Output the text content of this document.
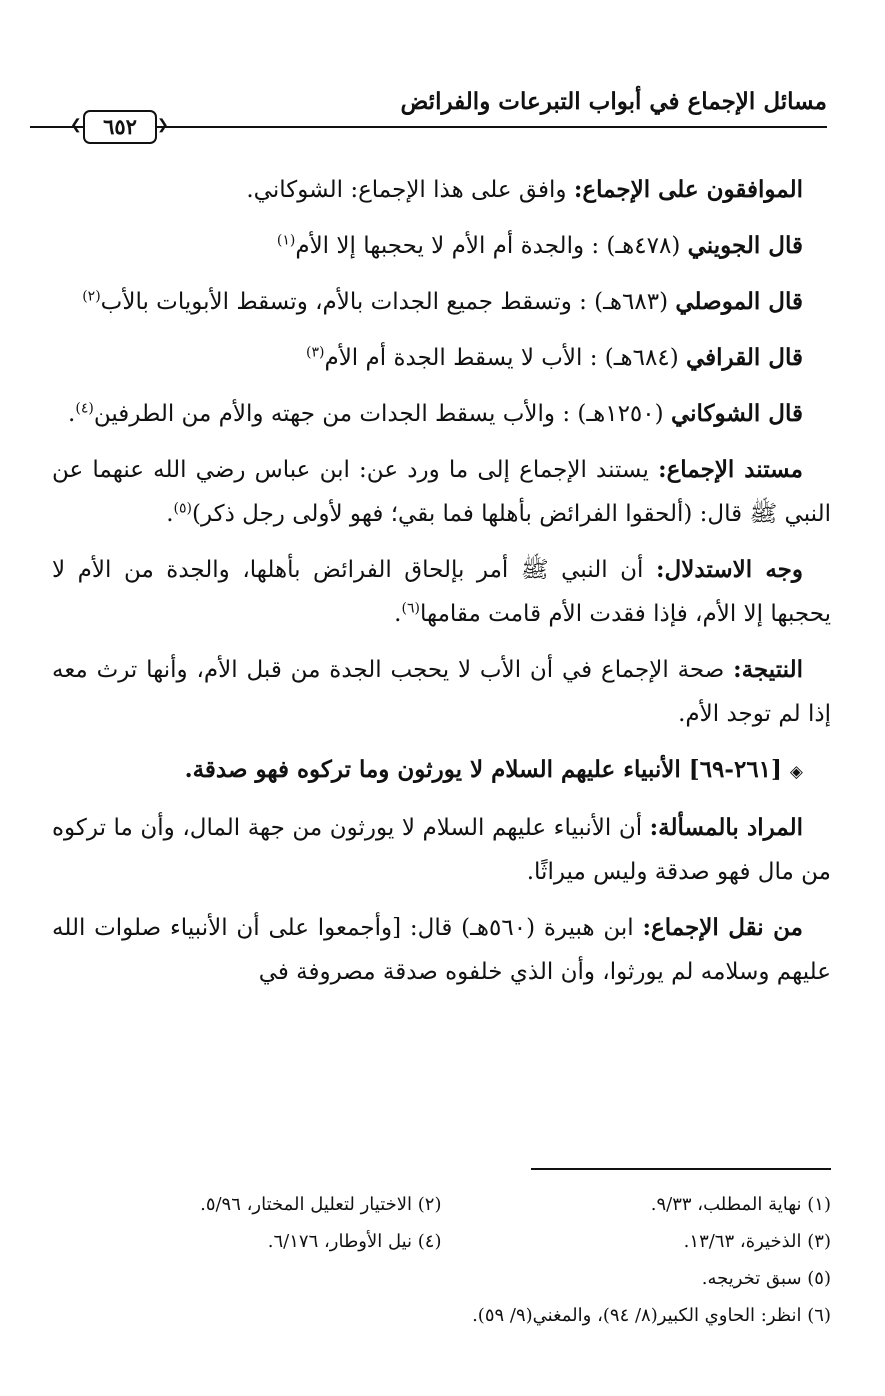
مسائل الإجماع في أبواب التبرعات والفرائض
❮	٦٥٢	❯

الموافقون على الإجماع: وافق على هذا الإجماع: الشوكاني.

قال الجويني (٤٧٨هـ) : والجدة أم الأم لا يحجبها إلا الأم$^{(١)}$

قال الموصلي (٦٨٣هـ) : وتسقط جميع الجدات بالأم، وتسقط الأبويات بالأب$^{(٢)}$

قال القرافي (٦٨٤هـ) : الأب لا يسقط الجدة أم الأم$^{(٣)}$

قال الشوكاني (١٢٥٠هـ) : والأب يسقط الجدات من جهته والأم من الطرفين$^{(٤)}$.

مستند الإجماع: يستند الإجماع إلى ما ورد عن: ابن عباس رضي الله عنهما عن النبي ﷺ قال: (ألحقوا الفرائض بأهلها فما بقي؛ فهو لأولى رجل ذكر)$^{(٥)}$.

وجه الاستدلال: أن النبي ﷺ أمر بإلحاق الفرائض بأهلها، والجدة من الأم لا يحجبها إلا الأم، فإذا فقدت الأم قامت مقامها$^{(٦)}$.

النتيجة: صحة الإجماع في أن الأب لا يحجب الجدة من قبل الأم، وأنها ترث معه إذا لم توجد الأم.

◈[٢٦١-٦٩] الأنبياء عليهم السلام لا يورثون وما تركوه فهو صدقة.

المراد بالمسألة: أن الأنبياء عليهم السلام لا يورثون من جهة المال، وأن ما تركوه من مال فهو صدقة وليس ميراثًا.

من نقل الإجماع: ابن هبيرة (٥٦٠هـ) قال: [وأجمعوا على أن الأنبياء صلوات الله عليهم وسلامه لم يورثوا، وأن الذي خلفوه صدقة مصروفة في

(١) نهاية المطلب، ٩/٣٣.
(٢) الاختيار لتعليل المختار، ٥/٩٦.
(٣) الذخيرة، ١٣/٦٣.
(٤) نيل الأوطار، ٦/١٧٦.
(٥) سبق تخريجه.
(٦) انظر: الحاوي الكبير(٨/ ٩٤)، والمغني(٩/ ٥٩).
